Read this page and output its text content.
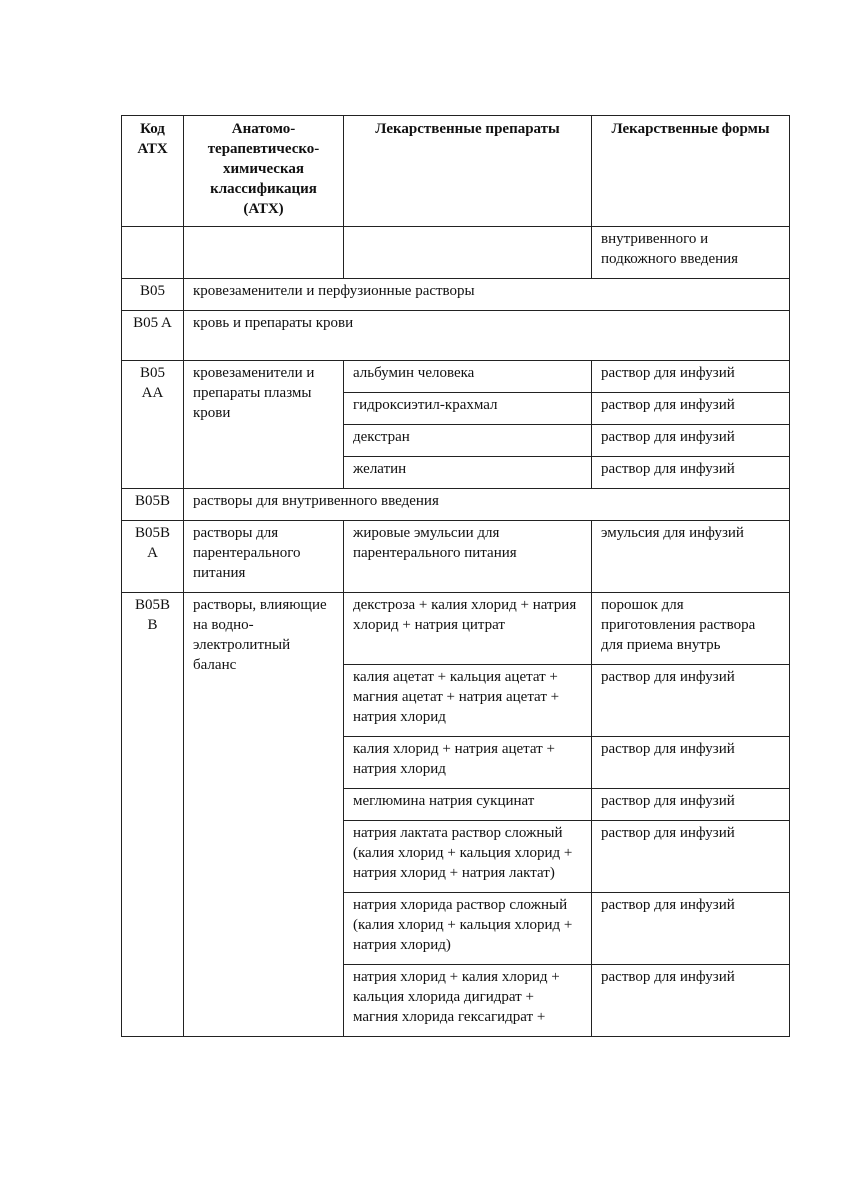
Код АТХ	Анатомо-терапевтическо-химическая классификация (АТХ)	Лекарственные препараты	Лекарственные формы
			внутривенного и подкожного введения
B05	кровезаменители и перфузионные растворы		
B05 A	кровь и препараты крови		
B05 AA	кровезаменители и препараты плазмы крови	альбумин человека	раствор для инфузий
		гидроксиэтил-крахмал	раствор для инфузий
		декстран	раствор для инфузий
		желатин	раствор для инфузий
B05B	растворы для внутривенного введения		
B05B A	растворы для парентерального питания	жировые эмульсии для парентерального питания	эмульсия для инфузий
B05B B	растворы, влияющие на водно-электролитный баланс	декстроза + калия хлорид + натрия хлорид + натрия цитрат	порошок для приготовления раствора для приема внутрь
		калия ацетат + кальция ацетат + магния ацетат + натрия ацетат + натрия хлорид	раствор для инфузий
		калия хлорид + натрия ацетат + натрия хлорид	раствор для инфузий
		меглюмина натрия сукцинат	раствор для инфузий
		натрия лактата раствор сложный (калия хлорид + кальция хлорид + натрия хлорид + натрия лактат)	раствор для инфузий
		натрия хлорида раствор сложный (калия хлорид + кальция хлорид + натрия хлорид)	раствор для инфузий
		натрия хлорид + калия хлорид + кальция хлорида дигидрат + магния хлорида гексагидрат +	раствор для инфузий
